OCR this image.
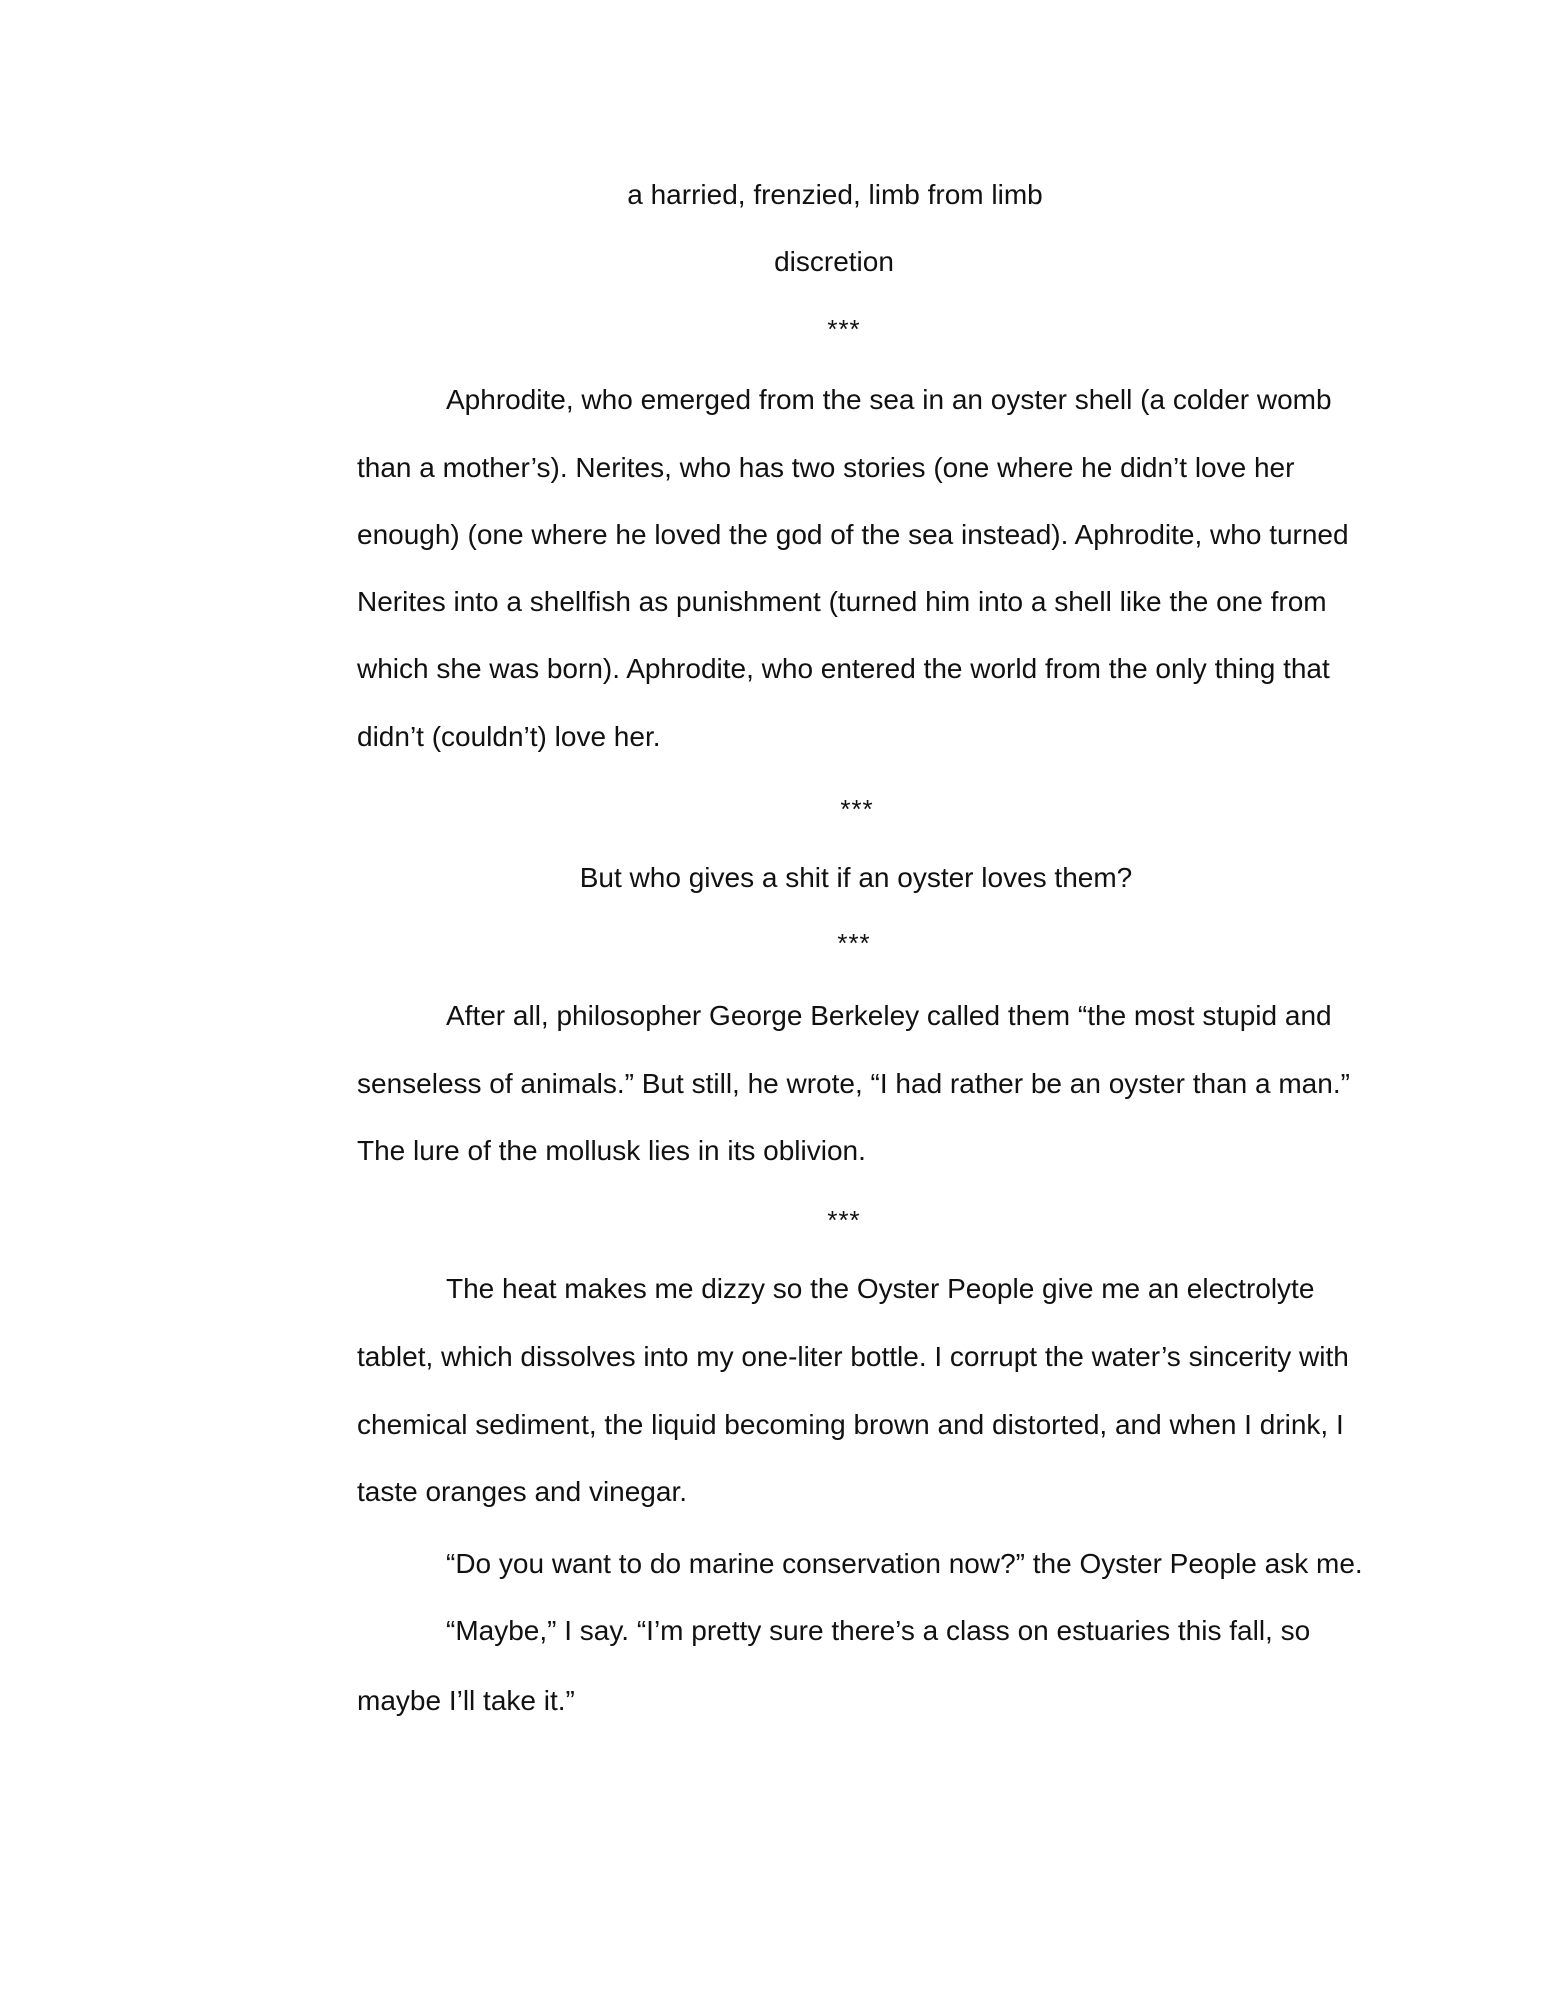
a harried, frenzied, limb from limb

discretion

***

Aphrodite, who emerged from the sea in an oyster shell (a colder womb

than a mother’s). Nerites, who has two stories (one where he didn’t love her

enough) (one where he loved the god of the sea instead). Aphrodite, who turned

Nerites into a shellfish as punishment (turned him into a shell like the one from

which she was born). Aphrodite, who entered the world from the only thing that

didn’t (couldn’t) love her.

***

But who gives a shit if an oyster loves them?

***

After all, philosopher George Berkeley called them “the most stupid and

senseless of animals.” But still, he wrote, “I had rather be an oyster than a man.”

The lure of the mollusk lies in its oblivion.

***

The heat makes me dizzy so the Oyster People give me an electrolyte

tablet, which dissolves into my one-liter bottle. I corrupt the water’s sincerity with

chemical sediment, the liquid becoming brown and distorted, and when I drink, I

taste oranges and vinegar.

“Do you want to do marine conservation now?” the Oyster People ask me.

“Maybe,” I say. “I’m pretty sure there’s a class on estuaries this fall, so

maybe I’ll take it.”
